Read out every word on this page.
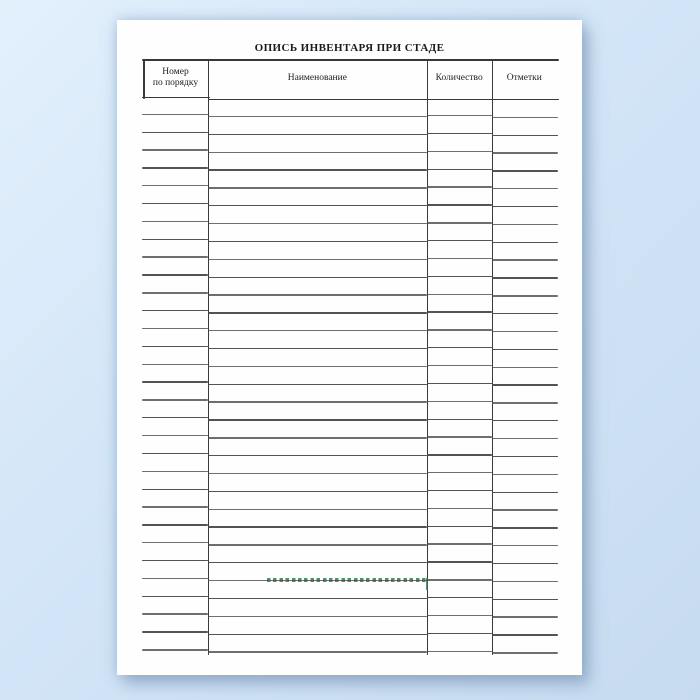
ОПИСЬ ИНВЕНТАРЯ ПРИ СТАДЕ
Номер
по порядку	Наименование	Количество	Отметки
